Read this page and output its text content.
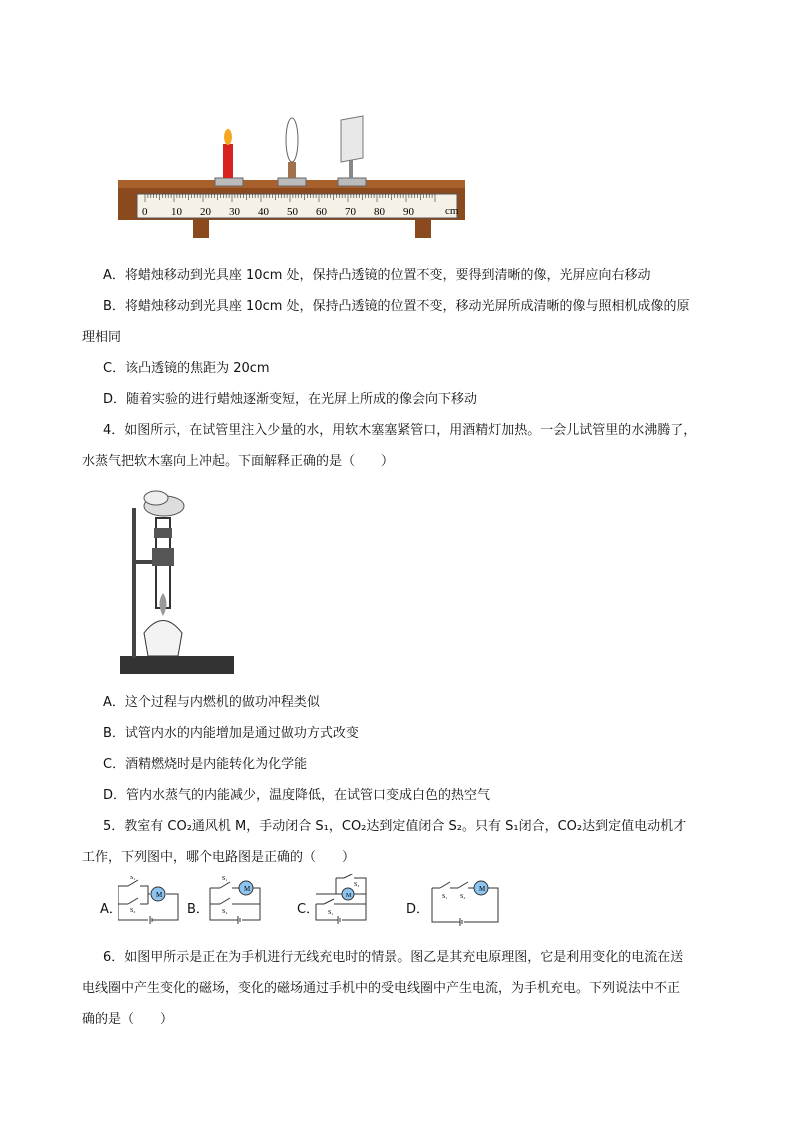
0 10 20 30 40 50 60 70 80 90	cm
A．将蜡烛移动到光具座 10cm 处，保持凸透镜的位置不变，要得到清晰的像，光屏应向右移动
B．将蜡烛移动到光具座 10cm 处，保持凸透镜的位置不变，移动光屏所成清晰的像与照相机成像的原
理相同
C．该凸透镜的焦距为 20cm
D．随着实验的进行蜡烛逐渐变短，在光屏上所成的像会向下移动
4．如图所示，在试管里注入少量的水，用软木塞塞紧管口，用酒精灯加热。一会儿试管里的水沸腾了，
水蒸气把软木塞向上冲起。下面解释正确的是（　　）
A．这个过程与内燃机的做功冲程类似
B．试管内水的内能增加是通过做功方式改变
C．酒精燃烧时是内能转化为化学能
D．管内水蒸气的内能减少，温度降低，在试管口变成白色的热空气
5．教室有 CO₂通风机 M，手动闭合 S₁，CO₂达到定值闭合 S₂。只有 S₁闭合，CO₂达到定值电动机才
工作，下列图中，哪个电路图是正确的（　　）
A．	B．	C．	D．
M
S₁
S₂
M
S₁
S₂
M
S₂
S₁
M
S₁ S₂
6．如图甲所示是正在为手机进行无线充电时的情景。图乙是其充电原理图，它是利用变化的电流在送
电线圈中产生变化的磁场，变化的磁场通过手机中的受电线圈中产生电流，为手机充电。下列说法中不正
确的是（　　）
